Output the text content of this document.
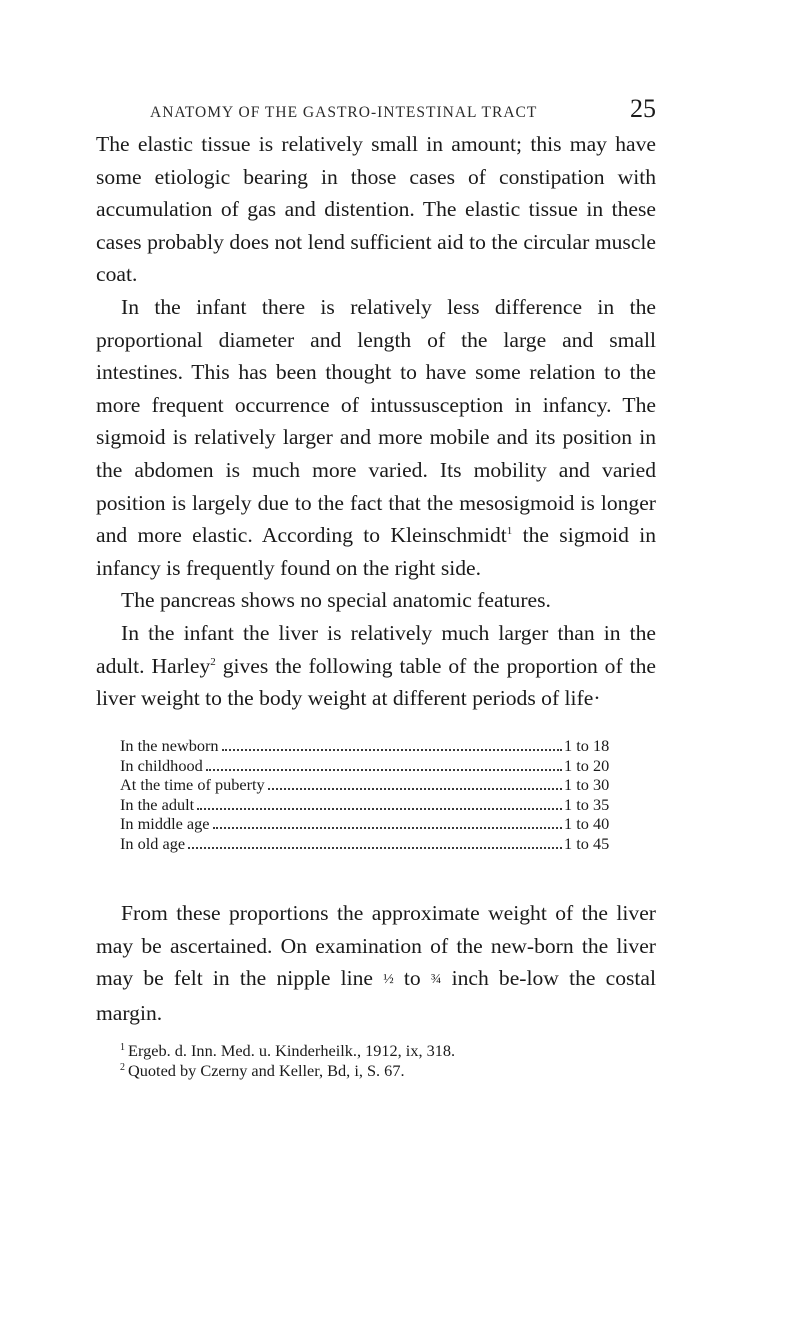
ANATOMY OF THE GASTRO-INTESTINAL TRACT	25

The elastic tissue is relatively small in amount; this may have some etiologic bearing in those cases of constipation with accumulation of gas and distention. The elastic tissue in these cases probably does not lend sufficient aid to the circular muscle coat.

In the infant there is relatively less difference in the proportional diameter and length of the large and small intestines. This has been thought to have some relation to the more frequent occurrence of intussusception in infancy. The sigmoid is relatively larger and more mobile and its position in the abdomen is much more varied. Its mobility and varied position is largely due to the fact that the mesosigmoid is longer and more elastic. According to Kleinschmidt$^1$ the sigmoid in infancy is frequently found on the right side.

The pancreas shows no special anatomic features.

In the infant the liver is relatively much larger than in the adult. Harley$^2$ gives the following table of the proportion of the liver weight to the body weight at different periods of life·

In the newborn	1 to 18
In childhood	1 to 20
At the time of puberty	1 to 30
In the adult	1 to 35
In middle age	1 to 40
In old age	1 to 45

From these proportions the approximate weight of the liver may be ascertained. On examination of the new-born the liver may be felt in the nipple line ½ to ¾ inch be-low the costal margin.

$^1$ Ergeb. d. Inn. Med. u. Kinderheilk., 1912, ix, 318.
$^2$ Quoted by Czerny and Keller, Bd, i, S. 67.
